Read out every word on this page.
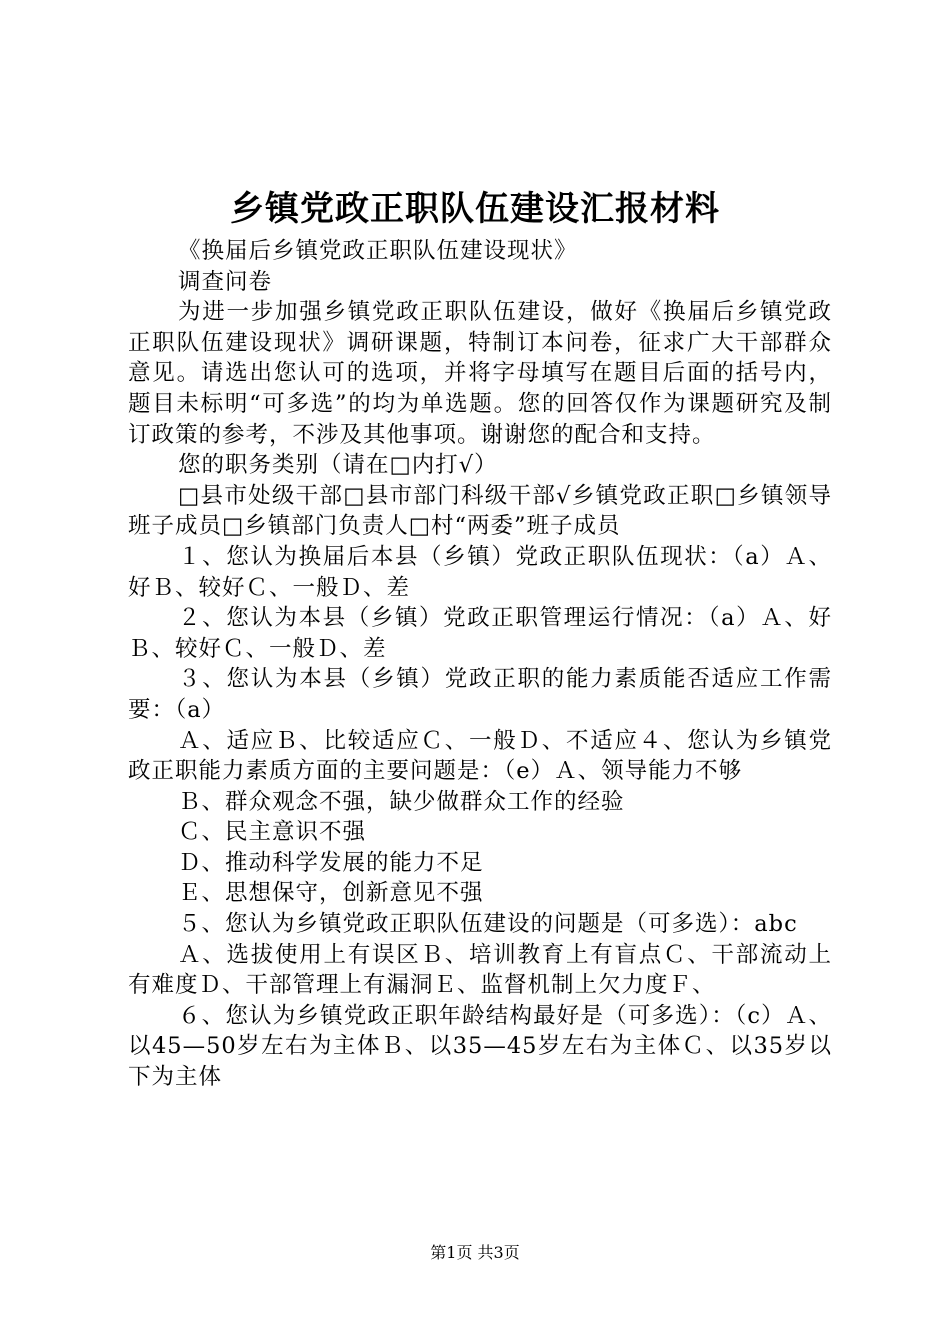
乡镇党政正职队伍建设汇报材料

《换届后乡镇党政正职队伍建设现状》

调查问卷

为进一步加强乡镇党政正职队伍建设，做好《换届后乡镇党政正职队伍建设现状》调研课题，特制订本问卷，征求广大干部群众意见。请选出您认可的选项，并将字母填写在题目后面的括号内，题目未标明“可多选”的均为单选题。您的回答仅作为课题研究及制订政策的参考，不涉及其他事项。谢谢您的配合和支持。

您的职务类别（请在□内打√）

□县市处级干部□县市部门科级干部√乡镇党政正职□乡镇领导班子成员□乡镇部门负责人□村“两委”班子成员

１、您认为换届后本县（乡镇）党政正职队伍现状：（a）Ａ、好Ｂ、较好Ｃ、一般Ｄ、差

２、您认为本县（乡镇）党政正职管理运行情况：（a）Ａ、好Ｂ、较好Ｃ、一般Ｄ、差

３、您认为本县（乡镇）党政正职的能力素质能否适应工作需要：（a）

Ａ、适应Ｂ、比较适应Ｃ、一般Ｄ、不适应４、您认为乡镇党政正职能力素质方面的主要问题是：（e）Ａ、领导能力不够

Ｂ、群众观念不强，缺少做群众工作的经验

Ｃ、民主意识不强

Ｄ、推动科学发展的能力不足

Ｅ、思想保守，创新意见不强

５、您认为乡镇党政正职队伍建设的问题是（可多选）：abc

Ａ、选拔使用上有误区Ｂ、培训教育上有盲点Ｃ、干部流动上有难度Ｄ、干部管理上有漏洞Ｅ、监督机制上欠力度Ｆ、

６、您认为乡镇党政正职年龄结构最好是（可多选）：（c）Ａ、以45—50岁左右为主体Ｂ、以35—45岁左右为主体Ｃ、以35岁以下为主体

第1页 共3页
